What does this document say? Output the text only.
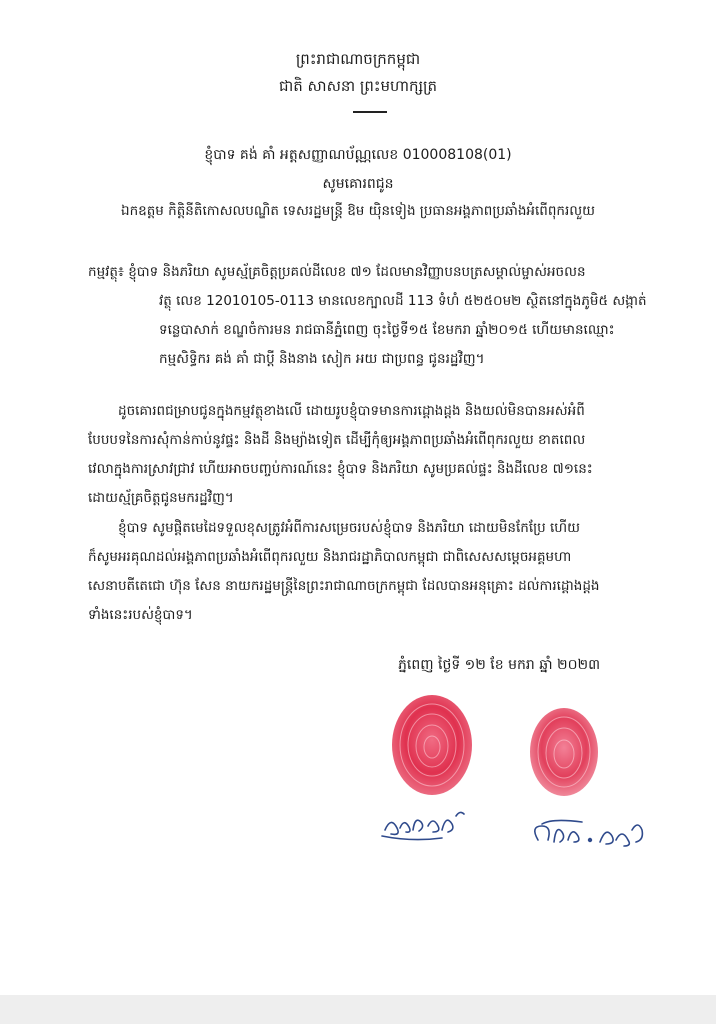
ព្រះរាជាណាចក្រកម្ពុជា
ជាតិ សាសនា ព្រះមហាក្សត្រ
ខ្ញុំបាទ គង់ គាំ អត្តសញ្ញាណប័ណ្ណលេខ 010008108(01)
សូមគោរពជូន
ឯកឧត្តម កិត្តិនីតិកោសលបណ្ឌិត ទេសរដ្ឋមន្ត្រី ឱម យ៉ិនទៀង ប្រធានអង្គភាពប្រឆាំងអំពើពុករលួយ
កម្មវត្ថុ៖ ខ្ញុំបាទ និងភរិយា សូមស្ម័គ្រចិត្តប្រគល់ដីលេខ ៧១ ដែលមានវិញ្ញាបនបត្រសម្គាល់ម្ចាស់អចលន
វត្ថុ លេខ 12010105-0113 មានលេខក្បាលដី 113 ទំហំ ៥២៥០ម២ ស្ថិតនៅក្នុងភូមិ៥ សង្កាត់
ទន្លេបាសាក់ ខណ្ឌចំការមន រាជធានីភ្នំពេញ ចុះថ្ងៃទី១៥ ខែមករា ឆ្នាំ២០១៥ ហើយមានឈ្មោះ
កម្មសិទ្ធិករ គង់ គាំ ជាប្ដី និងនាង សៀក អយ ជាប្រពន្ធ ជូនរដ្ឋវិញ។
ដូចគោរពជម្រាបជូនក្នុងកម្មវត្ថុខាងលើ ដោយរូបខ្ញុំបាទមានការដ្ដោងដ្ដង និងយល់មិនបានអស់អំពី
បែបបទនៃការសុំកាន់កាប់នូវផ្ទះ និងដី និងម្យ៉ាងទៀត ដើម្បីកុំឲ្យអង្គភាពប្រឆាំងអំពើពុករលួយ ខាតពេល
វេលាក្នុងការស្រាវជ្រាវ ហើយអាចបញ្ចប់ការណ៍នេះ ខ្ញុំបាទ និងភរិយា សូមប្រគល់ផ្ទះ និងដីលេខ ៧១នេះ
ដោយស្ម័គ្រចិត្តជូនមករដ្ឋវិញ។
ខ្ញុំបាទ សូមផ្ដិតមេដៃទទួលខុសត្រូវអំពីការសម្រេចរបស់ខ្ញុំបាទ និងភរិយា ដោយមិនកែប្រែ ហើយ
ក៏សូមអរគុណដល់អង្គភាពប្រឆាំងអំពើពុករលួយ និងរាជរដ្ឋាភិបាលកម្ពុជា ជាពិសេសសម្ដេចអគ្គមហា
សេនាបតីតេជោ ហ៊ុន សែន នាយករដ្ឋមន្ត្រីនៃព្រះរាជាណាចក្រកម្ពុជា ដែលបានអនុគ្រោះ ដល់ការដ្ដោងដ្ដង
ទាំងនេះរបស់ខ្ញុំបាទ។
ភ្នំពេញ ថ្ងៃទី ១២ ខែ មករា ឆ្នាំ ២០២៣
